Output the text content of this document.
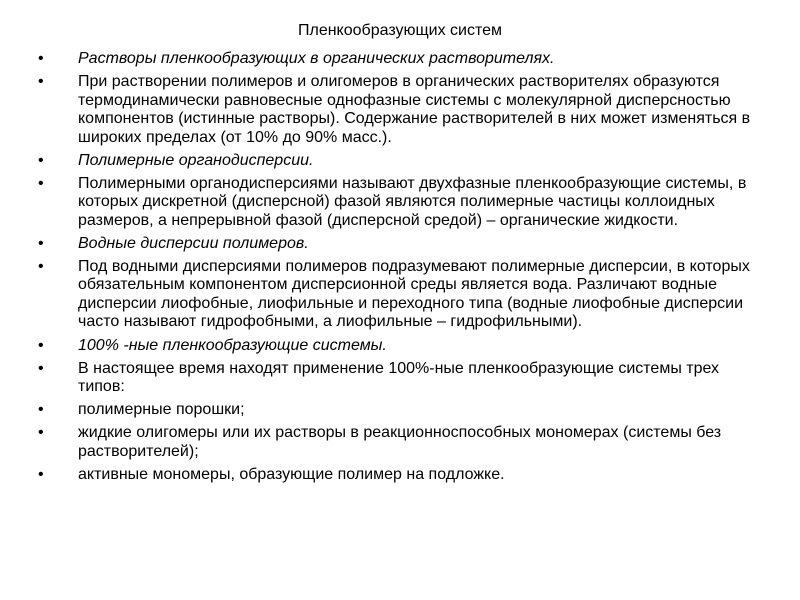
Пленкообразующих систем
• Растворы пленкообразующих в органических растворителях.
• При растворении полимеров и олигомеров в органических растворителях образуются термодинамически равновесные однофазные системы с молекулярной дисперсностью компонентов (истинные растворы). Содержание растворителей в них может изменяться в широких пределах (от 10% до 90% масс.).
• Полимерные органодисперсии.
• Полимерными органодисперсиями называют двухфазные пленкообразующие системы, в которых дискретной (дисперсной) фазой являются полимерные частицы коллоидных размеров, а непрерывной фазой (дисперсной средой) – органические жидкости.
• Водные дисперсии полимеров.
• Под водными дисперсиями полимеров подразумевают полимерные дисперсии, в которых обязательным компонентом дисперсионной среды является вода. Различают водные дисперсии лиофобные, лиофильные и переходного типа (водные лиофобные дисперсии часто называют гидрофобными, а лиофильные – гидрофильными).
• 100% -ные пленкообразующие системы.
• В настоящее время находят применение 100%-ные пленкообразующие системы трех типов:
• полимерные порошки;
• жидкие олигомеры или их растворы в реакционноспособных мономерах (системы без растворителей);
• активные мономеры, образующие полимер на подложке.
